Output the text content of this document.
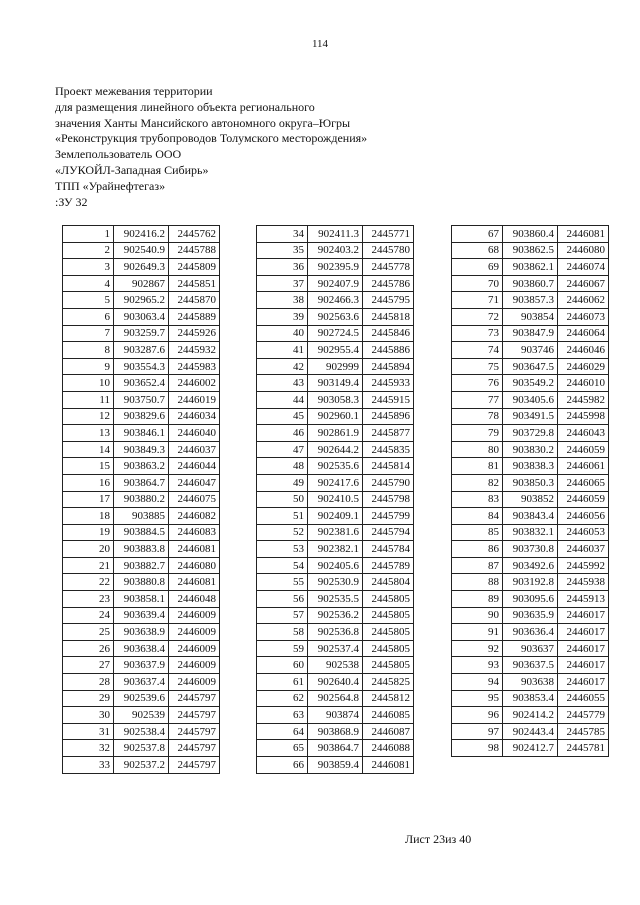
114
Проект межевания территории
для размещения линейного объекта регионального
значения Ханты Мансийского автономного округа–Югры
«Реконструкция трубопроводов Толумского месторождения»
Землепользователь ООО
«ЛУКОЙЛ-Западная Сибирь»
ТПП «Урайнефтегаз»
:ЗУ 32
1	902416.2	2445762
2	902540.9	2445788
3	902649.3	2445809
4	902867	2445851
5	902965.2	2445870
6	903063.4	2445889
7	903259.7	2445926
8	903287.6	2445932
9	903554.3	2445983
10	903652.4	2446002
11	903750.7	2446019
12	903829.6	2446034
13	903846.1	2446040
14	903849.3	2446037
15	903863.2	2446044
16	903864.7	2446047
17	903880.2	2446075
18	903885	2446082
19	903884.5	2446083
20	903883.8	2446081
21	903882.7	2446080
22	903880.8	2446081
23	903858.1	2446048
24	903639.4	2446009
25	903638.9	2446009
26	903638.4	2446009
27	903637.9	2446009
28	903637.4	2446009
29	902539.6	2445797
30	902539	2445797
31	902538.4	2445797
32	902537.8	2445797
33	902537.2	2445797
34	902411.3	2445771
35	902403.2	2445780
36	902395.9	2445778
37	902407.9	2445786
38	902466.3	2445795
39	902563.6	2445818
40	902724.5	2445846
41	902955.4	2445886
42	902999	2445894
43	903149.4	2445933
44	903058.3	2445915
45	902960.1	2445896
46	902861.9	2445877
47	902644.2	2445835
48	902535.6	2445814
49	902417.6	2445790
50	902410.5	2445798
51	902409.1	2445799
52	902381.6	2445794
53	902382.1	2445784
54	902405.6	2445789
55	902530.9	2445804
56	902535.5	2445805
57	902536.2	2445805
58	902536.8	2445805
59	902537.4	2445805
60	902538	2445805
61	902640.4	2445825
62	902564.8	2445812
63	903874	2446085
64	903868.9	2446087
65	903864.7	2446088
66	903859.4	2446081
67	903860.4	2446081
68	903862.5	2446080
69	903862.1	2446074
70	903860.7	2446067
71	903857.3	2446062
72	903854	2446073
73	903847.9	2446064
74	903746	2446046
75	903647.5	2446029
76	903549.2	2446010
77	903405.6	2445982
78	903491.5	2445998
79	903729.8	2446043
80	903830.2	2446059
81	903838.3	2446061
82	903850.3	2446065
83	903852	2446059
84	903843.4	2446056
85	903832.1	2446053
86	903730.8	2446037
87	903492.6	2445992
88	903192.8	2445938
89	903095.6	2445913
90	903635.9	2446017
91	903636.4	2446017
92	903637	2446017
93	903637.5	2446017
94	903638	2446017
95	903853.4	2446055
96	902414.2	2445779
97	902443.4	2445785
98	902412.7	2445781
Лист 23из 40
